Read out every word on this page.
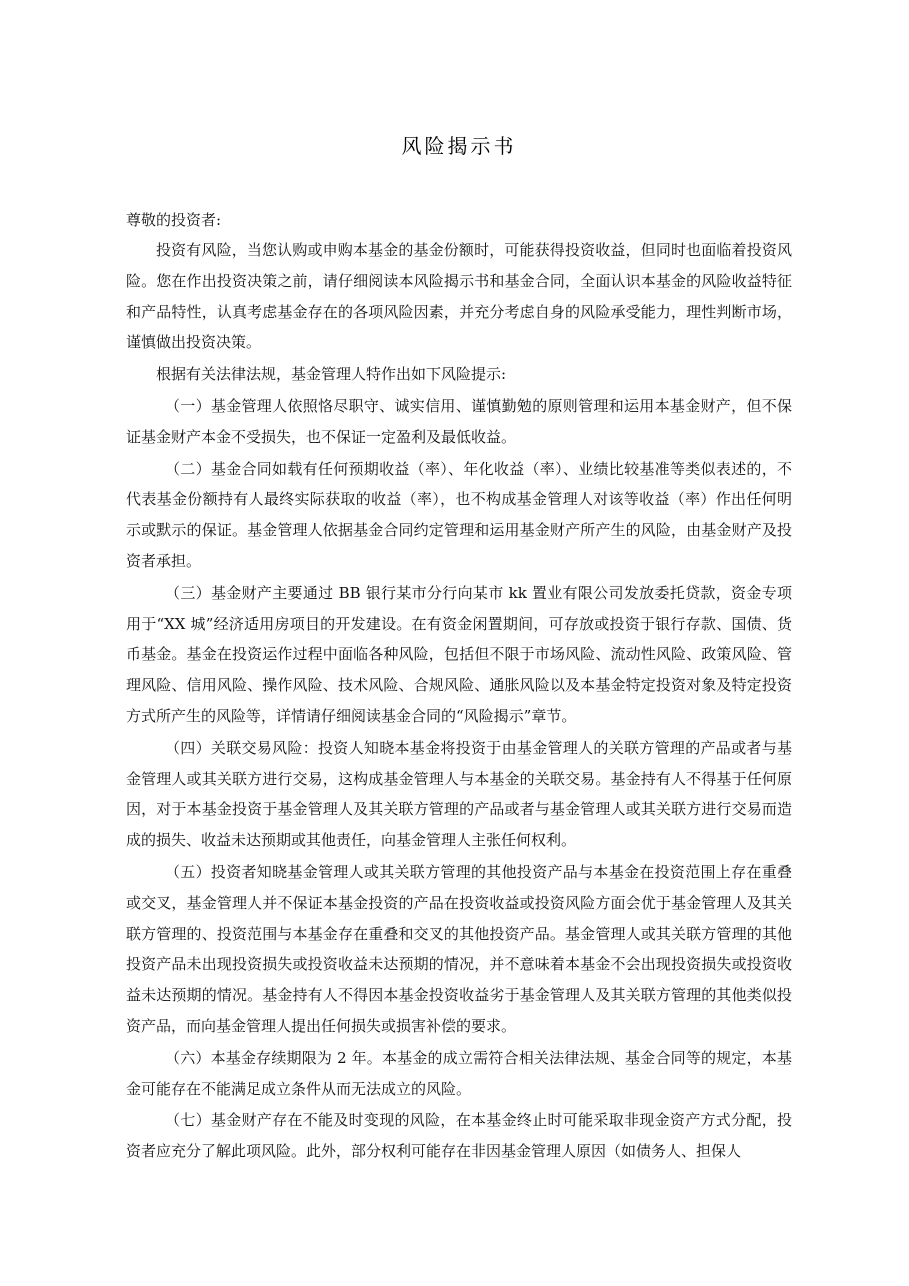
风险揭示书

尊敬的投资者:

投资有风险，当您认购或申购本基金的基金份额时，可能获得投资收益，但同时也面临着投资风险。您在作出投资决策之前，请仔细阅读本风险揭示书和基金合同，全面认识本基金的风险收益特征和产品特性，认真考虑基金存在的各项风险因素，并充分考虑自身的风险承受能力，理性判断市场，谨慎做出投资决策。

根据有关法律法规，基金管理人特作出如下风险提示:

（一）基金管理人依照恪尽职守、诚实信用、谨慎勤勉的原则管理和运用本基金财产，但不保证基金财产本金不受损失，也不保证一定盈利及最低收益。

（二）基金合同如载有任何预期收益（率）、年化收益（率）、业绩比较基准等类似表述的，不代表基金份额持有人最终实际获取的收益（率），也不构成基金管理人对该等收益（率）作出任何明示或默示的保证。基金管理人依据基金合同约定管理和运用基金财产所产生的风险，由基金财产及投资者承担。

（三）基金财产主要通过 BB 银行某市分行向某市 kk 置业有限公司发放委托贷款，资金专项用于“XX 城”经济适用房项目的开发建设。在有资金闲置期间，可存放或投资于银行存款、国债、货币基金。基金在投资运作过程中面临各种风险，包括但不限于市场风险、流动性风险、政策风险、管理风险、信用风险、操作风险、技术风险、合规风险、通胀风险以及本基金特定投资对象及特定投资方式所产生的风险等，详情请仔细阅读基金合同的“风险揭示”章节。

（四）关联交易风险：投资人知晓本基金将投资于由基金管理人的关联方管理的产品或者与基金管理人或其关联方进行交易，这构成基金管理人与本基金的关联交易。基金持有人不得基于任何原因，对于本基金投资于基金管理人及其关联方管理的产品或者与基金管理人或其关联方进行交易而造成的损失、收益未达预期或其他责任，向基金管理人主张任何权利。

（五）投资者知晓基金管理人或其关联方管理的其他投资产品与本基金在投资范围上存在重叠或交叉，基金管理人并不保证本基金投资的产品在投资收益或投资风险方面会优于基金管理人及其关联方管理的、投资范围与本基金存在重叠和交叉的其他投资产品。基金管理人或其关联方管理的其他投资产品未出现投资损失或投资收益未达预期的情况，并不意味着本基金不会出现投资损失或投资收益未达预期的情况。基金持有人不得因本基金投资收益劣于基金管理人及其关联方管理的其他类似投资产品，而向基金管理人提出任何损失或损害补偿的要求。

（六）本基金存续期限为 2 年。本基金的成立需符合相关法律法规、基金合同等的规定，本基金可能存在不能满足成立条件从而无法成立的风险。

（七）基金财产存在不能及时变现的风险，在本基金终止时可能采取非现金资产方式分配，投资者应充分了解此项风险。此外，部分权利可能存在非因基金管理人原因（如债务人、担保人
